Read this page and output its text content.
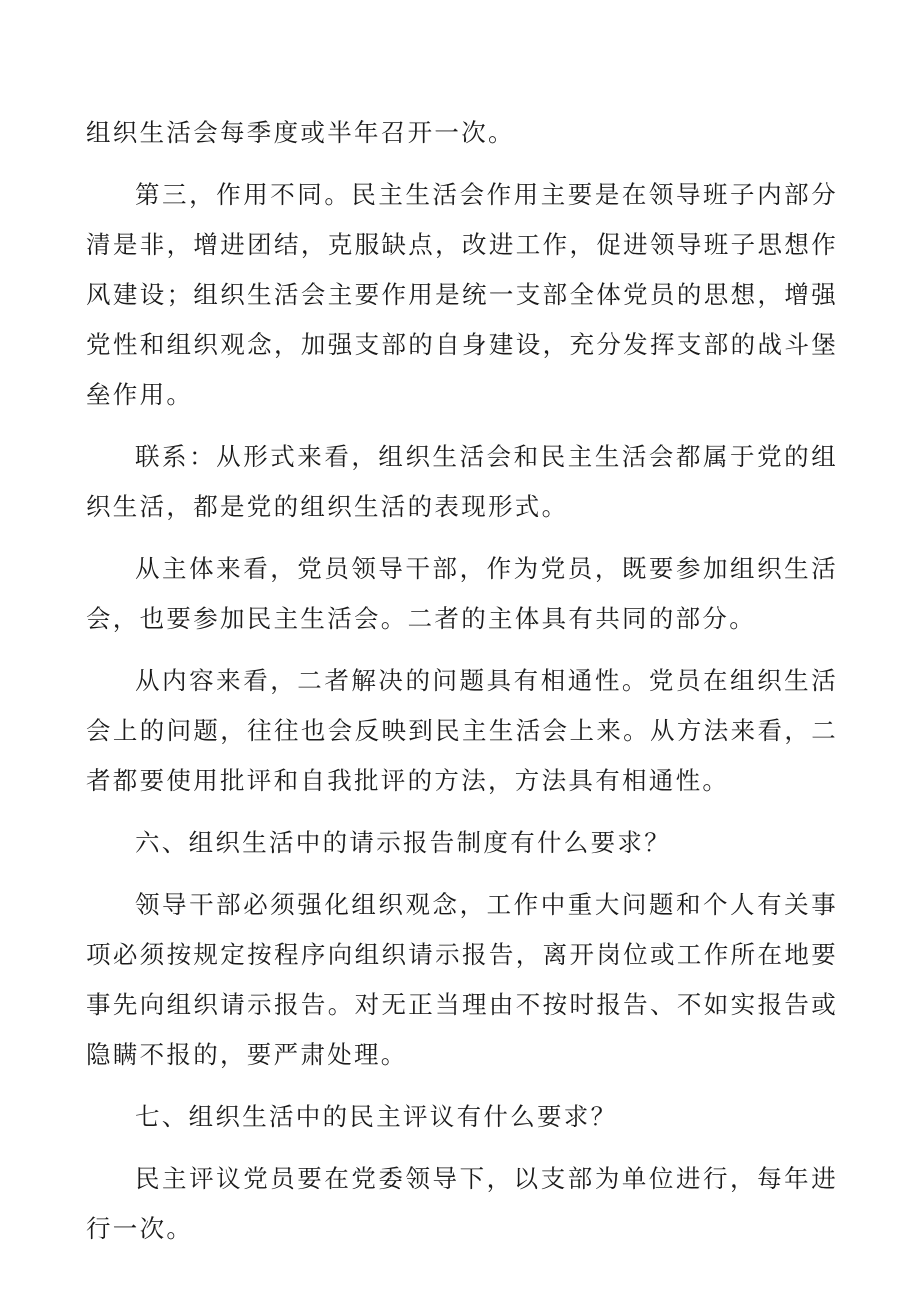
组织生活会每季度或半年召开一次。

第三，作用不同。民主生活会作用主要是在领导班子内部分清是非，增进团结，克服缺点，改进工作，促进领导班子思想作风建设；组织生活会主要作用是统一支部全体党员的思想，增强党性和组织观念，加强支部的自身建设，充分发挥支部的战斗堡垒作用。

联系：从形式来看，组织生活会和民主生活会都属于党的组织生活，都是党的组织生活的表现形式。

从主体来看，党员领导干部，作为党员，既要参加组织生活会，也要参加民主生活会。二者的主体具有共同的部分。

从内容来看，二者解决的问题具有相通性。党员在组织生活会上的问题，往往也会反映到民主生活会上来。从方法来看，二者都要使用批评和自我批评的方法，方法具有相通性。

六、组织生活中的请示报告制度有什么要求？

领导干部必须强化组织观念，工作中重大问题和个人有关事项必须按规定按程序向组织请示报告，离开岗位或工作所在地要事先向组织请示报告。对无正当理由不按时报告、不如实报告或隐瞒不报的，要严肃处理。

七、组织生活中的民主评议有什么要求？

民主评议党员要在党委领导下，以支部为单位进行，每年进行一次。
